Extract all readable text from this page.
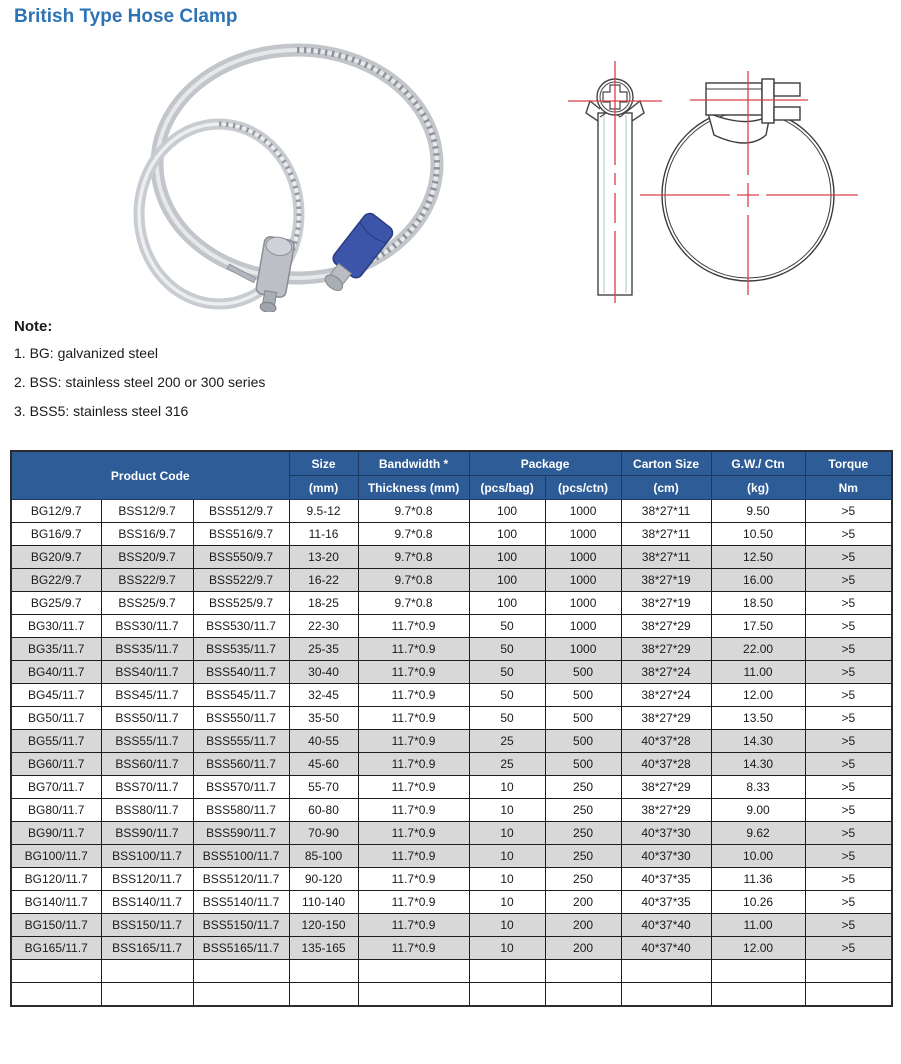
British Type Hose Clamp
Note:
1. BG: galvanized steel
2. BSS: stainless steel 200 or 300 series
3. BSS5: stainless steel 316
Product Code			Size	Bandwidth *	Package		Carton Size	G.W./ Ctn	Torque
			(mm)	Thickness (mm)	(pcs/bag)	(pcs/ctn)	(cm)	(kg)	Nm
BG12/9.7	BSS12/9.7	BSS512/9.7	9.5-12	9.7*0.8	100	1000	38*27*11	9.50	>5
BG16/9.7	BSS16/9.7	BSS516/9.7	11-16	9.7*0.8	100	1000	38*27*11	10.50	>5
BG20/9.7	BSS20/9.7	BSS550/9.7	13-20	9.7*0.8	100	1000	38*27*11	12.50	>5
BG22/9.7	BSS22/9.7	BSS522/9.7	16-22	9.7*0.8	100	1000	38*27*19	16.00	>5
BG25/9.7	BSS25/9.7	BSS525/9.7	18-25	9.7*0.8	100	1000	38*27*19	18.50	>5
BG30/11.7	BSS30/11.7	BSS530/11.7	22-30	11.7*0.9	50	1000	38*27*29	17.50	>5
BG35/11.7	BSS35/11.7	BSS535/11.7	25-35	11.7*0.9	50	1000	38*27*29	22.00	>5
BG40/11.7	BSS40/11.7	BSS540/11.7	30-40	11.7*0.9	50	500	38*27*24	11.00	>5
BG45/11.7	BSS45/11.7	BSS545/11.7	32-45	11.7*0.9	50	500	38*27*24	12.00	>5
BG50/11.7	BSS50/11.7	BSS550/11.7	35-50	11.7*0.9	50	500	38*27*29	13.50	>5
BG55/11.7	BSS55/11.7	BSS555/11.7	40-55	11.7*0.9	25	500	40*37*28	14.30	>5
BG60/11.7	BSS60/11.7	BSS560/11.7	45-60	11.7*0.9	25	500	40*37*28	14.30	>5
BG70/11.7	BSS70/11.7	BSS570/11.7	55-70	11.7*0.9	10	250	38*27*29	8.33	>5
BG80/11.7	BSS80/11.7	BSS580/11.7	60-80	11.7*0.9	10	250	38*27*29	9.00	>5
BG90/11.7	BSS90/11.7	BSS590/11.7	70-90	11.7*0.9	10	250	40*37*30	9.62	>5
BG100/11.7	BSS100/11.7	BSS5100/11.7	85-100	11.7*0.9	10	250	40*37*30	10.00	>5
BG120/11.7	BSS120/11.7	BSS5120/11.7	90-120	11.7*0.9	10	250	40*37*35	11.36	>5
BG140/11.7	BSS140/11.7	BSS5140/11.7	110-140	11.7*0.9	10	200	40*37*35	10.26	>5
BG150/11.7	BSS150/11.7	BSS5150/11.7	120-150	11.7*0.9	10	200	40*37*40	11.00	>5
BG165/11.7	BSS165/11.7	BSS5165/11.7	135-165	11.7*0.9	10	200	40*37*40	12.00	>5
